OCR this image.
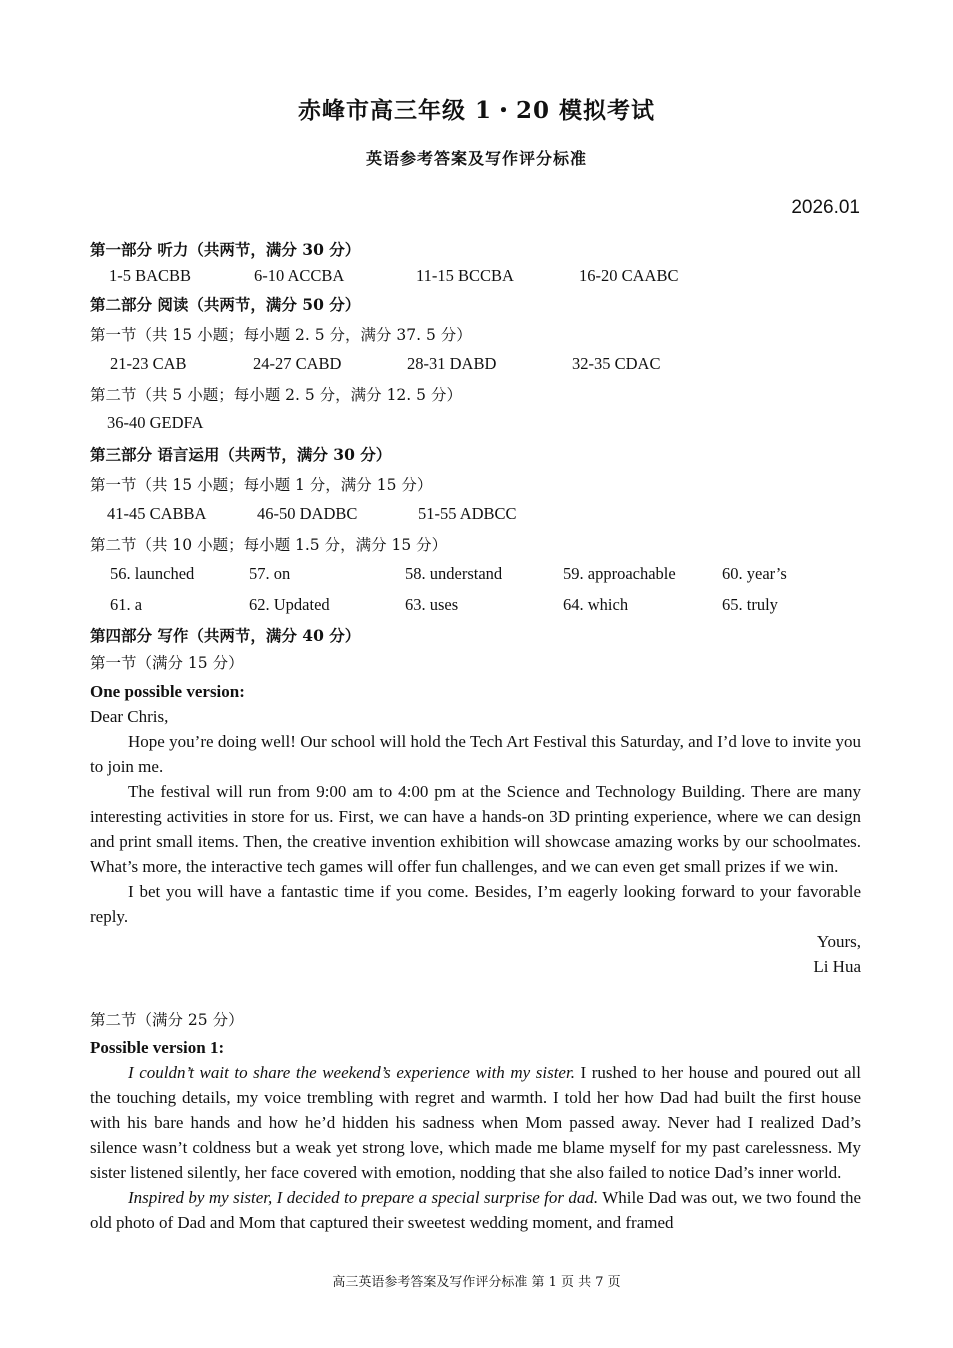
赤峰市高三年级 1・20 模拟考试
英语参考答案及写作评分标准
2026.01
第一部分 听力（共两节，满分 30 分）
1-5 BACBB	6-10 ACCBA	11-15 BCCBA	16-20 CAABC
第二部分 阅读（共两节，满分 50 分）
第一节（共 15 小题；每小题 2. 5 分，满分 37. 5 分）
21-23 CAB	24-27 CABD	28-31 DABD	32-35 CDAC
第二节（共 5 小题；每小题 2. 5 分，满分 12. 5 分）
36-40 GEDFA
第三部分 语言运用（共两节，满分 30 分）
第一节（共 15 小题；每小题 1 分，满分 15 分）
41-45 CABBA	46-50 DADBC	51-55 ADBCC
第二节（共 10 小题；每小题 1.5 分，满分 15 分）
56. launched	57. on	58. understand	59. approachable	60. year’s
61. a	62. Updated	63. uses	64. which	65. truly
第四部分 写作（共两节，满分 40 分）
第一节（满分 15 分）
One possible version:
Dear Chris,

Hope you’re doing well! Our school will hold the Tech Art Festival this Saturday, and I’d love to invite you to join me.

The festival will run from 9:00 am to 4:00 pm at the Science and Technology Building. There are many interesting activities in store for us. First, we can have a hands-on 3D printing experience, where we can design and print small items. Then, the creative invention exhibition will showcase amazing works by our schoolmates. What’s more, the interactive tech games will offer fun challenges, and we can even get small prizes if we win.

I bet you will have a fantastic time if you come. Besides, I’m eagerly looking forward to your favorable reply.

Yours,
Li Hua
第二节（满分 25 分）
Possible version 1:

I couldn’t wait to share the weekend’s experience with my sister. I rushed to her house and poured out all the touching details, my voice trembling with regret and warmth. I told her how Dad had built the first house with his bare hands and how he’d hidden his sadness when Mom passed away. Never had I realized Dad’s silence wasn’t coldness but a weak yet strong love, which made me blame myself for my past carelessness. My sister listened silently, her face covered with emotion, nodding that she also failed to notice Dad’s inner world.

Inspired by my sister, I decided to prepare a special surprise for dad. While Dad was out, we two found the old photo of Dad and Mom that captured their sweetest wedding moment, and framed

高三英语参考答案及写作评分标准 第 1 页 共 7 页
